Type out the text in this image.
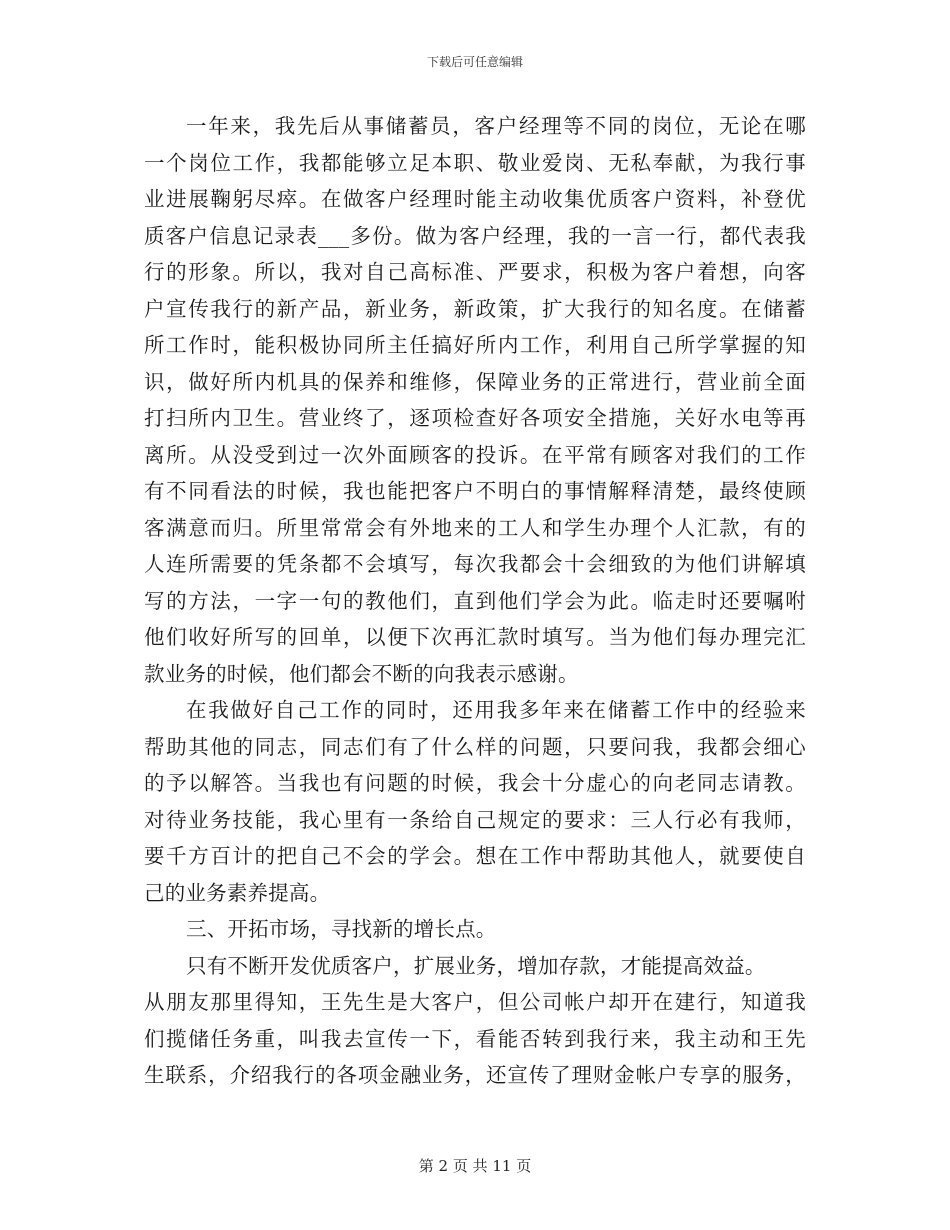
下载后可任意编辑
一年来，我先后从事储蓄员，客户经理等不同的岗位，无论在哪
一个岗位工作，我都能够立足本职、敬业爱岗、无私奉献，为我行事
业进展鞠躬尽瘁。在做客户经理时能主动收集优质客户资料，补登优
质客户信息记录表___多份。做为客户经理，我的一言一行，都代表我
行的形象。所以，我对自己高标准、严要求，积极为客户着想，向客
户宣传我行的新产品，新业务，新政策，扩大我行的知名度。在储蓄
所工作时，能积极协同所主任搞好所内工作，利用自己所学掌握的知
识，做好所内机具的保养和维修，保障业务的正常进行，营业前全面
打扫所内卫生。营业终了，逐项检查好各项安全措施，关好水电等再
离所。从没受到过一次外面顾客的投诉。在平常有顾客对我们的工作
有不同看法的时候，我也能把客户不明白的事情解释清楚，最终使顾
客满意而归。所里常常会有外地来的工人和学生办理个人汇款，有的
人连所需要的凭条都不会填写，每次我都会十会细致的为他们讲解填
写的方法，一字一句的教他们，直到他们学会为此。临走时还要嘱咐
他们收好所写的回单，以便下次再汇款时填写。当为他们每办理完汇
款业务的时候，他们都会不断的向我表示感谢。
在我做好自己工作的同时，还用我多年来在储蓄工作中的经验来
帮助其他的同志，同志们有了什么样的问题，只要问我，我都会细心
的予以解答。当我也有问题的时候，我会十分虚心的向老同志请教。
对待业务技能，我心里有一条给自己规定的要求：三人行必有我师，
要千方百计的把自己不会的学会。想在工作中帮助其他人，就要使自
己的业务素养提高。
三、开拓市场，寻找新的增长点。
只有不断开发优质客户，扩展业务，增加存款，才能提高效益。
从朋友那里得知，王先生是大客户，但公司帐户却开在建行，知道我
们揽储任务重，叫我去宣传一下，看能否转到我行来，我主动和王先
生联系，介绍我行的各项金融业务，还宣传了理财金帐户专享的服务，
第 2 页 共 11 页
